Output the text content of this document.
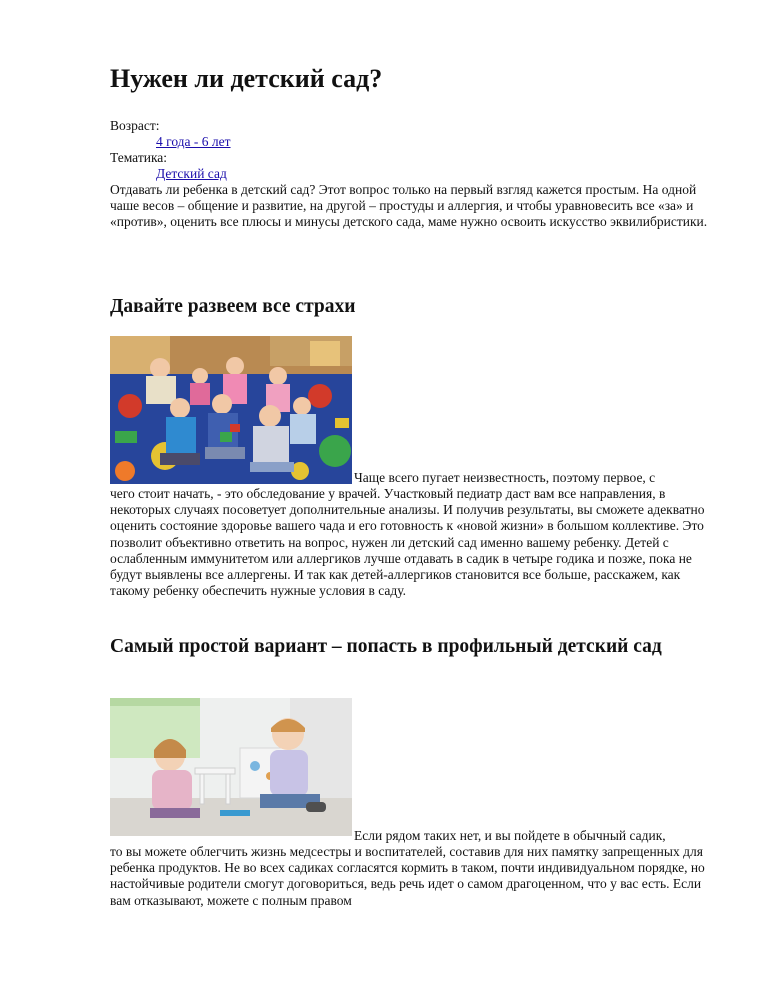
Нужен ли детский сад?
Возраст:
4 года - 6 лет
Тематика:
Детский сад

Отдавать ли ребенка в детский сад? Этот вопрос только на первый взгляд кажется простым. На одной чаше весов – общение и развитие, на другой – простуды и аллергия, и чтобы уравновесить все «за» и «против», оценить все плюсы и минусы детского сада, маме нужно освоить искусство эквилибристики.

Давайте развеем все страхи
Чаще всего пугает неизвестность, поэтому первое, с

чего стоит начать, - это обследование у врачей. Участковый педиатр даст вам все направления, в некоторых случаях посоветует дополнительные анализы. И получив результаты, вы сможете адекватно оценить состояние здоровье вашего чада и его готовность к «новой жизни» в большом коллективе. Это позволит объективно ответить на вопрос, нужен ли детский сад именно вашему ребенку. Детей с ослабленным иммунитетом или аллергиков лучше отдавать в садик в четыре годика и позже, пока не будут выявлены все аллергены. И так как детей-аллергиков становится все больше, расскажем, как такому ребенку обеспечить нужные условия в саду.

Самый простой вариант – попасть в профильный детский сад
Если рядом таких нет, и вы пойдете в обычный садик,

то вы можете облегчить жизнь медсестры и воспитателей, составив для них памятку запрещенных для ребенка продуктов. Не во всех садиках согласятся кормить в таком, почти индивидуальном порядке, но настойчивые родители смогут договориться, ведь речь идет о самом драгоценном, что у вас есть. Если вам отказывают, можете с полным правом
